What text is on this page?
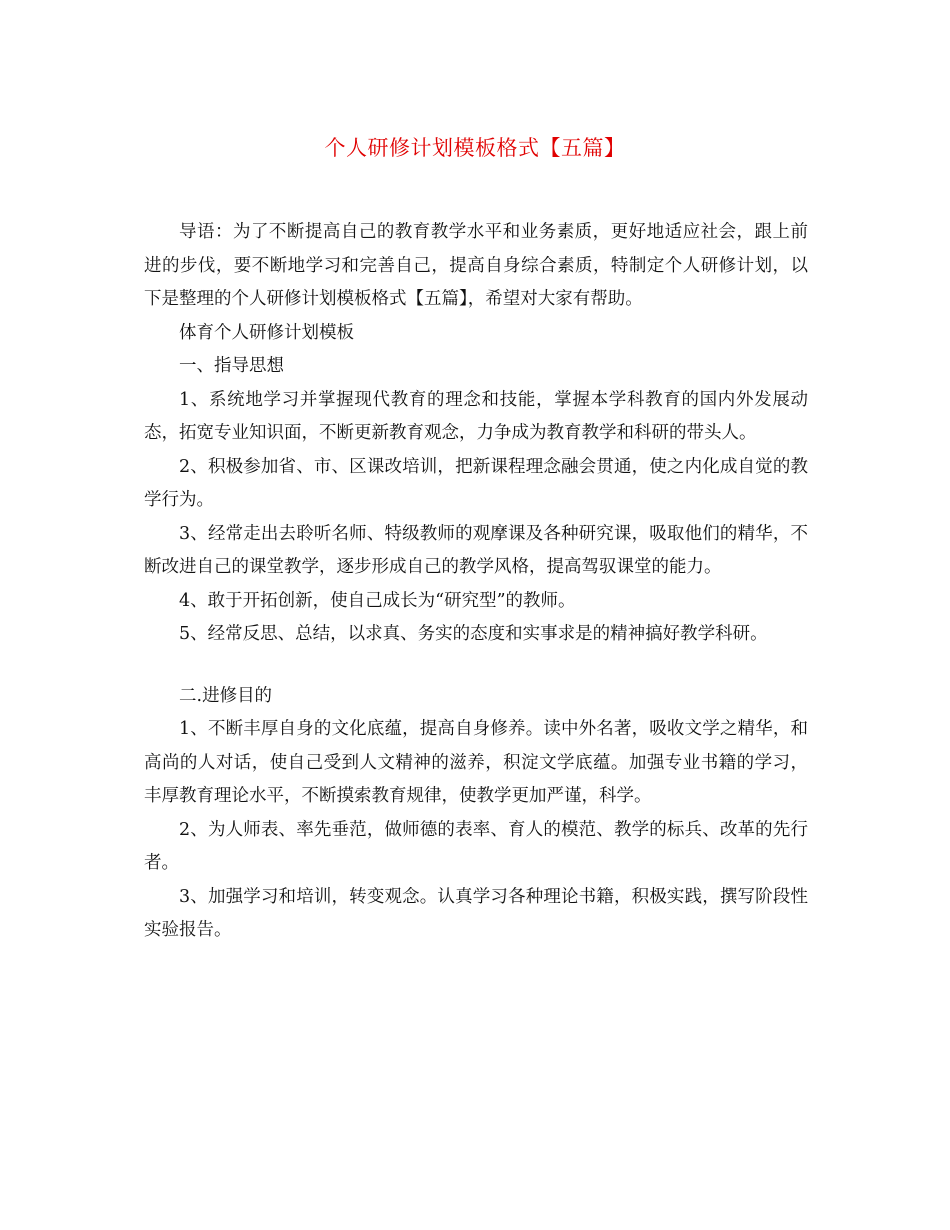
个人研修计划模板格式【五篇】

导语：为了不断提高自己的教育教学水平和业务素质，更好地适应社会，跟上前进的步伐，要不断地学习和完善自己，提高自身综合素质，特制定个人研修计划，以下是整理的个人研修计划模板格式【五篇】，希望对大家有帮助。

体育个人研修计划模板

一、指导思想

1、系统地学习并掌握现代教育的理念和技能，掌握本学科教育的国内外发展动态，拓宽专业知识面，不断更新教育观念，力争成为教育教学和科研的带头人。

2、积极参加省、市、区课改培训，把新课程理念融会贯通，使之内化成自觉的教学行为。

3、经常走出去聆听名师、特级教师的观摩课及各种研究课，吸取他们的精华，不断改进自己的课堂教学，逐步形成自己的教学风格，提高驾驭课堂的能力。

4、敢于开拓创新，使自己成长为“研究型”的教师。

5、经常反思、总结，以求真、务实的态度和实事求是的精神搞好教学科研。

二.进修目的

1、不断丰厚自身的文化底蕴，提高自身修养。读中外名著，吸收文学之精华，和高尚的人对话，使自己受到人文精神的滋养，积淀文学底蕴。加强专业书籍的学习，丰厚教育理论水平，不断摸索教育规律，使教学更加严谨，科学。

2、为人师表、率先垂范，做师德的表率、育人的模范、教学的标兵、改革的先行者。

3、加强学习和培训，转变观念。认真学习各种理论书籍，积极实践，撰写阶段性实验报告。
